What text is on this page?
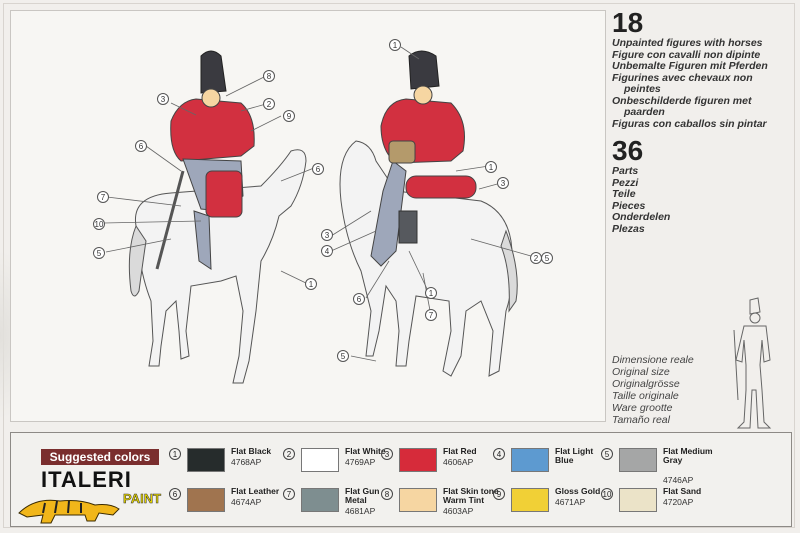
8
3
2
9
6
6
7
10
5
1
1
1
3
3
4
2 5
6
1
7
5
18
Unpainted figures with horses
Figure con cavalli non dipinte
Unbemalte Figuren mit Pferden
Figurines avec chevaux non
peintes
Onbeschilderde figuren met
paarden
Figuras con caballos sin pintar
36
Parts
Pezzi
Teile
Pieces
Onderdelen
Plezas
Dimensione reale
Original size
Originalgrösse
Taille originale
Ware grootte
Tamaño real
Suggested colors
ITALERI
PAINT
1	Flat Black
4768AP
2	Flat White
4769AP
3	Flat Red
4606AP
4	Flat Light Blue
5	Flat Medium Gray
4746AP
6	Flat Leather
4674AP
7	Flat Gun Metal
4681AP
8	Flat Skin tone Warm Tint
4603AP
9	Gloss Gold
4671AP
10	Flat Sand
4720AP
